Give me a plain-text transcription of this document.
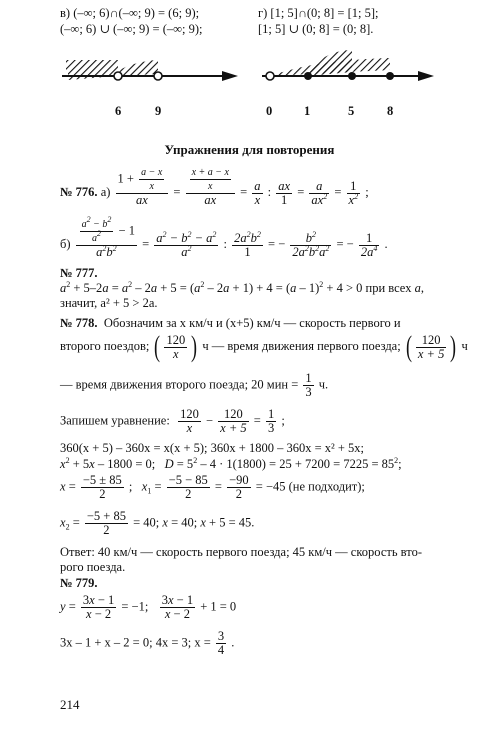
в) (–∞; 6)∩(–∞; 9) = (6; 9);
(–∞; 6) ∪ (–∞; 9) = (–∞; 9);
г) [1; 5]∩(0; 8] = [1; 5];
[1; 5] ∪ (0; 8] = (0; 8].
6	9	0	1	5	8
Упражнения для повторения
№ 776. $а) \frac{1 + \frac{a - x}{x}}{ax} = \frac{\frac{x + a - x}{x}}{ax} = \frac{a}{x}$ : $\frac{ax}{1} = \frac{a}{ax^2} = \frac{1}{x^2}$ ;
$б) \frac{\frac{a^2 - b^2}{a^2} - 1}{a^2b^2} = \frac{a^2 - b^2 - a^2}{a^2}$ : $\frac{2a^2b^2}{1}$ = − $\frac{b^2}{2a^2b^2a^2}$ = − $\frac{1}{2a^4}$ .
№ 777.
$a^2 + 5-2a = a^2 - 2a + 5 = (a^2 - 2a + 1) + 4 = (a - 1)^2 + 4 > 0$ при всех a,
значит, a² + 5 > 2a.
№ 778. Обозначим за x км/ч и (x+5) км/ч — скорость первого и
второго поездов; ( $\frac{120}{x}$ ) ч — время движения первого поезда; ( $\frac{120}{x + 5}$ ) ч
— время движения второго поезда; 20 мин = $\frac{1}{3} ч$.
Запишем уравнение: $\frac{120}{x} - \frac{120}{x + 5} = \frac{1}{3}$ ;
360(x + 5) – 360x = x(x + 5); 360x + 1800 – 360x = x² + 5x;
$x^2 + 5x - 1800 = 0$;   $D = 5^2 - 4 \cdot 1(1800) = 25 + 7200 = 7225 = 85^2$;
$x = \frac{-5 \pm 85}{2}$ ;   $x_1 = \frac{-5 - 85}{2} = \frac{-90}{2} = -45$ (не подходит);
$x_2 = \frac{-5 + 85}{2} = 40$; x = 40; x + 5 = 45.
Ответ: 40 км/ч — скорость первого поезда; 45 км/ч — скорость вто-
рого поезда.
№ 779.
$y = \frac{3x - 1}{x - 2} = -1$; $\frac{3x - 1}{x - 2} + 1 = 0$
3x – 1 + x – 2 = 0; 4x = 3; $x = \frac{3}{4}$ .
214
